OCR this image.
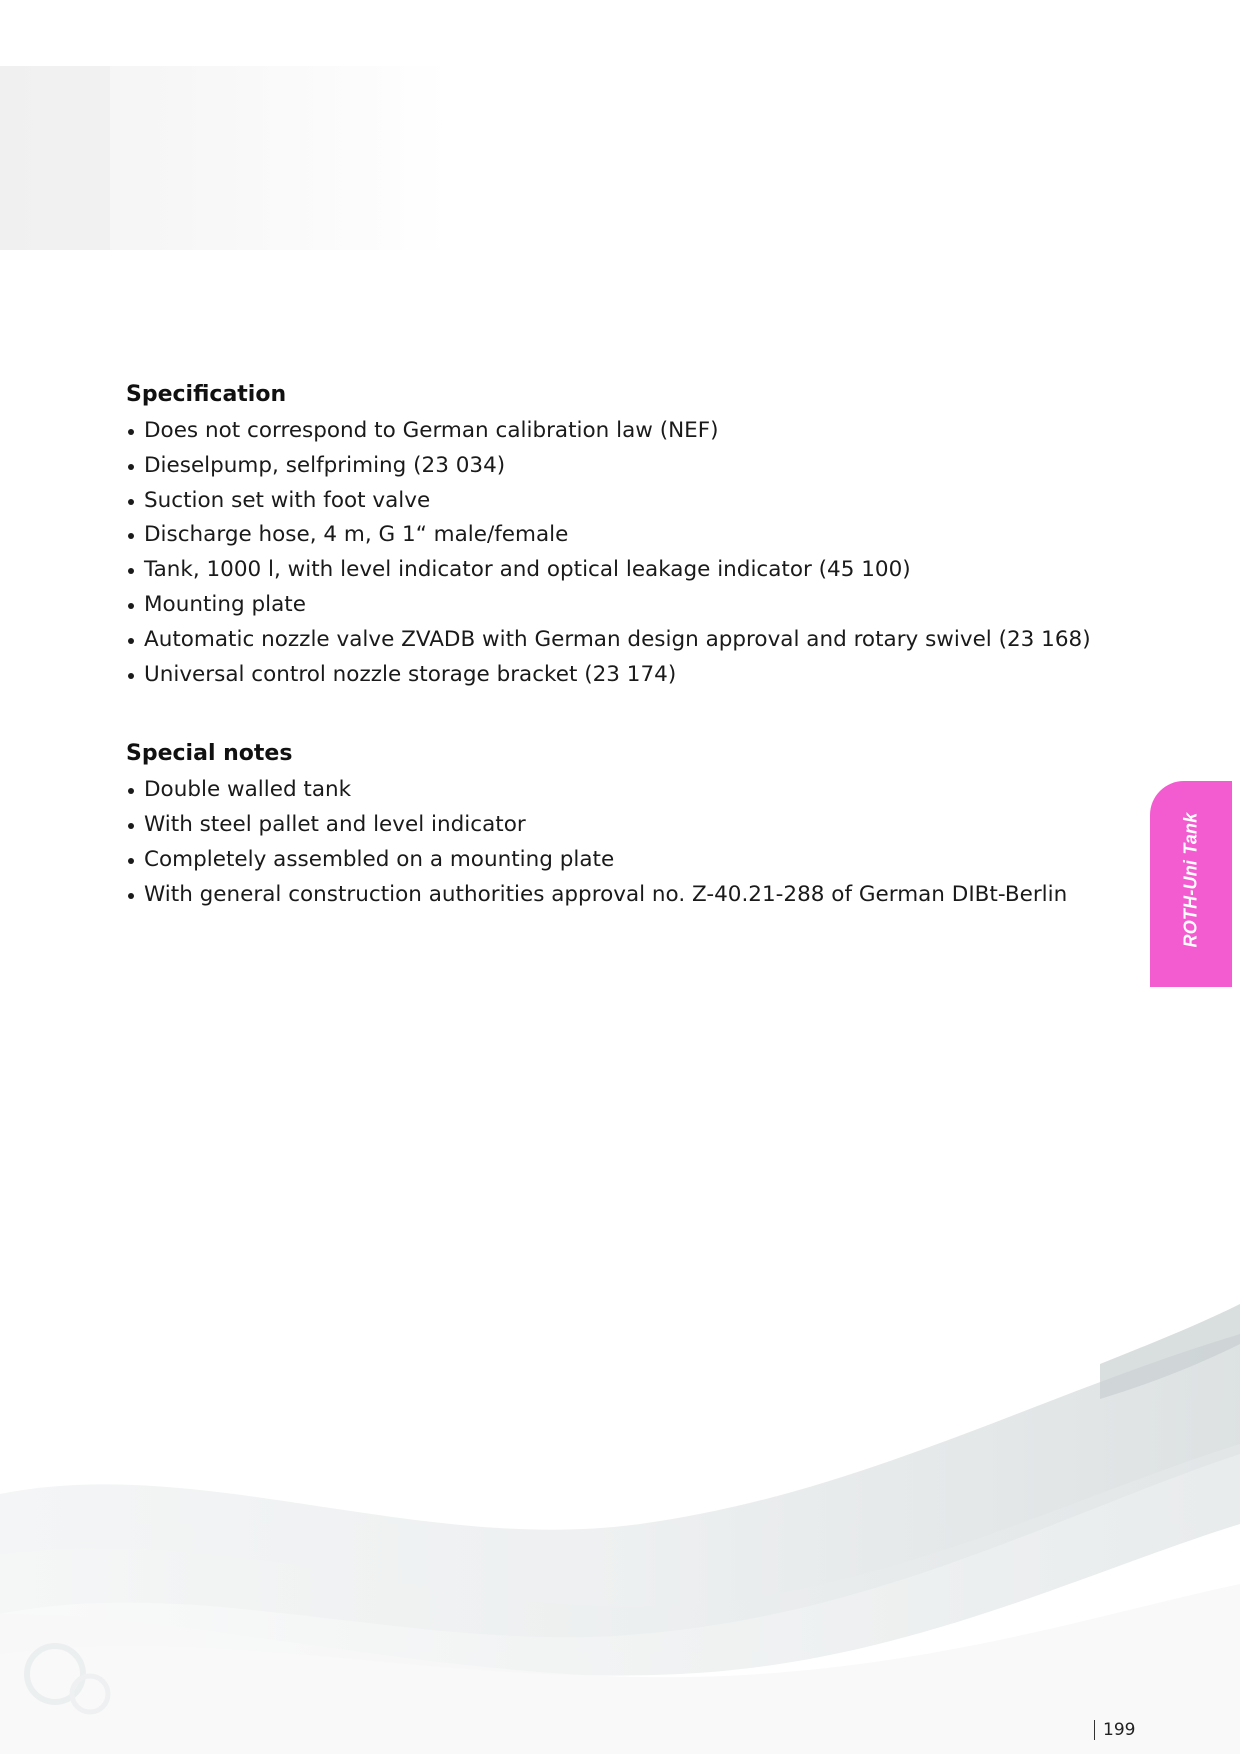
Specification
Does not correspond to German calibration law (NEF)
Dieselpump, selfpriming (23 034)
Suction set with foot valve
Discharge hose, 4 m, G 1“ male/female
Tank, 1000 l, with level indicator and optical leakage indicator (45 100)
Mounting plate
Automatic nozzle valve ZVADB with German design approval and rotary swivel (23 168)
Universal control nozzle storage bracket (23 174)
Special notes
Double walled tank
With steel pallet and level indicator
Completely assembled on a mounting plate
With general construction authorities approval no. Z-40.21-288 of German DIBt-Berlin	ROTH-Uni Tank
199
